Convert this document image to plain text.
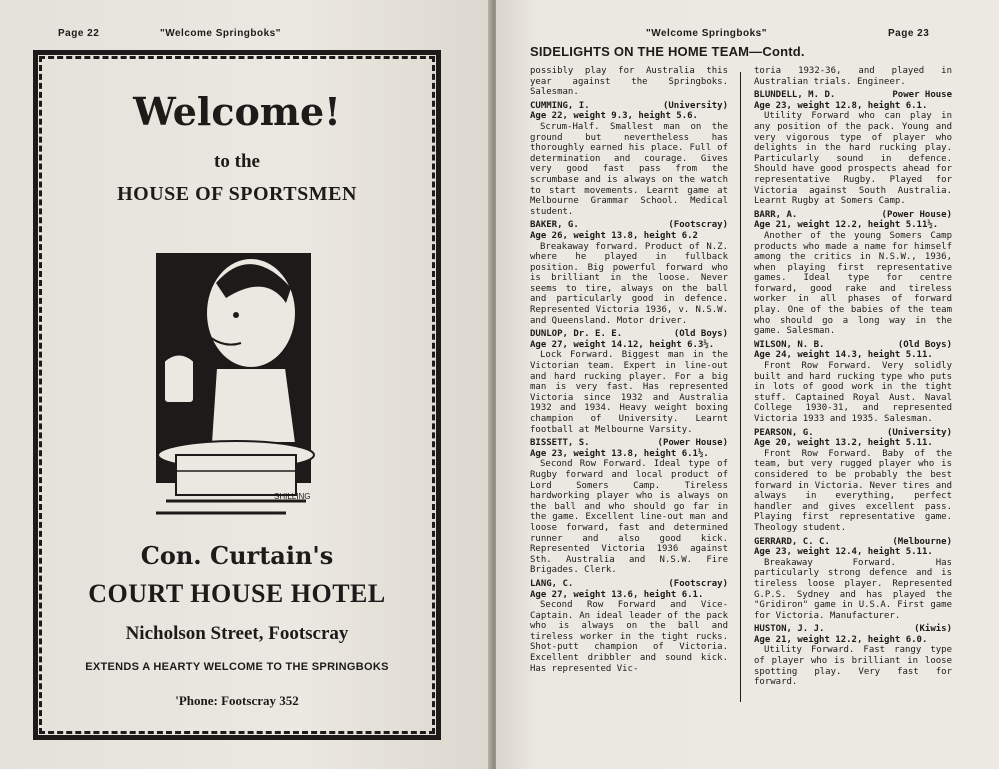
Page 22	"Welcome Springboks"
Welcome!
to the
HOUSE OF SPORTSMEN
SHILLING
Con. Curtain's
COURT HOUSE HOTEL
Nicholson Street, Footscray
EXTENDS A HEARTY WELCOME TO THE SPRINGBOKS
'Phone: Footscray 352
"Welcome Springboks"	Page 23
SIDELIGHTS ON THE HOME TEAM—Contd.
possibly play for Australia this year against the Springboks. Salesman.
CUMMING, I.	(University)
Age 22, weight 9.3, height 5.6.
Scrum-Half. Smallest man on the ground but nevertheless has thoroughly earned his place. Full of determination and courage. Gives very good fast pass from the scrumbase and is always on the watch to start movements. Learnt game at Melbourne Grammar School. Medical student.
BAKER, G.	(Footscray)
Age 26, weight 13.8, height 6.2
Breakaway forward. Product of N.Z. where he played in fullback position. Big powerful forward who is brilliant in the loose. Never seems to tire, always on the ball and particularly good in defence. Represented Victoria 1936, v. N.S.W. and Queensland. Motor driver.
DUNLOP, Dr. E. E.	(Old Boys)
Age 27, weight 14.12, height 6.3½.
Lock Forward. Biggest man in the Victorian team. Expert in line-out and hard rucking player. For a big man is very fast. Has represented Victoria since 1932 and Australia 1932 and 1934. Heavy weight boxing champion of University. Learnt football at Melbourne Varsity.
BISSETT, S.	(Power House)
Age 23, weight 13.8, height 6.1½.
Second Row Forward. Ideal type of Rugby forward and local product of Lord Somers Camp. Tireless hardworking player who is always on the ball and who should go far in the game. Excellent line-out man and loose forward, fast and determined runner and also good kick. Represented Victoria 1936 against Sth. Australia and N.S.W. Fire Brigades. Clerk.
LANG, C.	(Footscray)
Age 27, weight 13.6, height 6.1.
Second Row Forward and Vice-Captain. An ideal leader of the pack who is always on the ball and tireless worker in the tight rucks. Shot-putt champion of Victoria. Excellent dribbler and sound kick. Has represented Vic-
toria 1932-36, and played in Australian trials. Engineer.
BLUNDELL, M. D.	Power House
Age 23, weight 12.8, height 6.1.
Utility Forward who can play in any position of the pack. Young and very vigorous type of player who delights in the hard rucking play. Particularly sound in defence. Should have good prospects ahead for representative Rugby. Played for Victoria against South Australia. Learnt Rugby at Somers Camp.
BARR, A.	(Power House)
Age 21, weight 12.2, height 5.11½.
Another of the young Somers Camp products who made a name for himself among the critics in N.S.W., 1936, when playing first representative games. Ideal type for centre forward, good rake and tireless worker in all phases of forward play. One of the babies of the team who should go a long way in the game. Salesman.
WILSON, N. B.	(Old Boys)
Age 24, weight 14.3, height 5.11.
Front Row Forward. Very solidly built and hard rucking type who puts in lots of good work in the tight stuff. Captained Royal Aust. Naval College 1930-31, and represented Victoria 1933 and 1935. Salesman.
PEARSON, G.	(University)
Age 20, weight 13.2, height 5.11.
Front Row Forward. Baby of the team, but very rugged player who is considered to be probably the best forward in Victoria. Never tires and always in everything, perfect handler and gives excellent pass. Playing first representative game. Theology student.
GERRARD, C. C.	(Melbourne)
Age 23, weight 12.4, height 5.11.
Breakaway Forward. Has particularly strong defence and is tireless loose player. Represented G.P.S. Sydney and has played the "Gridiron" game in U.S.A. First game for Victoria. Manufacturer.
HUSTON, J. J.	(Kiwis)
Age 21, weight 12.2, height 6.0.
Utility Forward. Fast rangy type of player who is brilliant in loose spotting play. Very fast for forward.
